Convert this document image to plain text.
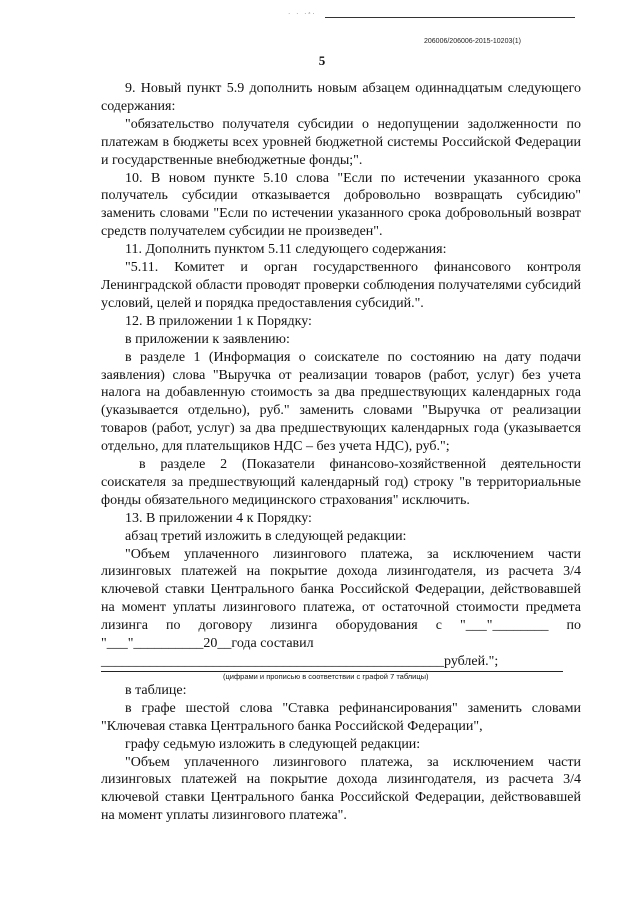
· · ·ᵃ·
206006/206006-2015-10203(1)
5

9. Новый пункт 5.9 дополнить новым абзацем одиннадцатым следующего содержания:

"обязательство получателя субсидии о недопущении задолженности по платежам в бюджеты всех уровней бюджетной системы Российской Федерации и государственные внебюджетные фонды;".

10. В новом пункте 5.10 слова "Если по истечении указанного срока получатель субсидии отказывается добровольно возвращать субсидию" заменить словами "Если по истечении указанного срока добровольный возврат средств получателем субсидии не произведен".

11. Дополнить пунктом 5.11 следующего содержания:

"5.11. Комитет и орган государственного финансового контроля Ленинградской области проводят проверки соблюдения получателями субсидий условий, целей и порядка предоставления субсидий.".

12. В приложении 1 к Порядку:

в приложении к заявлению:

в разделе 1 (Информация о соискателе по состоянию на дату подачи заявления) слова "Выручка от реализации товаров (работ, услуг) без учета налога на добавленную стоимость за два предшествующих календарных года (указывается отдельно), руб." заменить словами "Выручка от реализации товаров (работ, услуг) за два предшествующих календарных года (указывается отдельно, для плательщиков НДС – без учета НДС), руб.";

в разделе 2 (Показатели финансово-хозяйственной деятельности соискателя за предшествующий календарный год) строку "в территориальные фонды обязательного медицинского страхования" исключить.

13. В приложении 4 к Порядку:

абзац третий изложить в следующей редакции:

"Объем уплаченного лизингового платежа, за исключением части лизинговых платежей на покрытие дохода лизингодателя, из расчета 3/4 ключевой ставки Центрального банка Российской Федерации, действовавшей на момент уплаты лизингового платежа, от остаточной стоимости предмета лизинга по договору лизинга оборудования с "___"________ по "___"__________20__года составил

_________________________________________________рублей.";

(цифрами и прописью в соответствии с графой 7 таблицы)

в таблице:

в графе шестой слова "Ставка рефинансирования" заменить словами "Ключевая ставка Центрального банка Российской Федерации",

графу седьмую изложить в следующей редакции:

"Объем уплаченного лизингового платежа, за исключением части лизинговых платежей на покрытие дохода лизингодателя, из расчета 3/4 ключевой ставки Центрального банка Российской Федерации, действовавшей на момент уплаты лизингового платежа".
